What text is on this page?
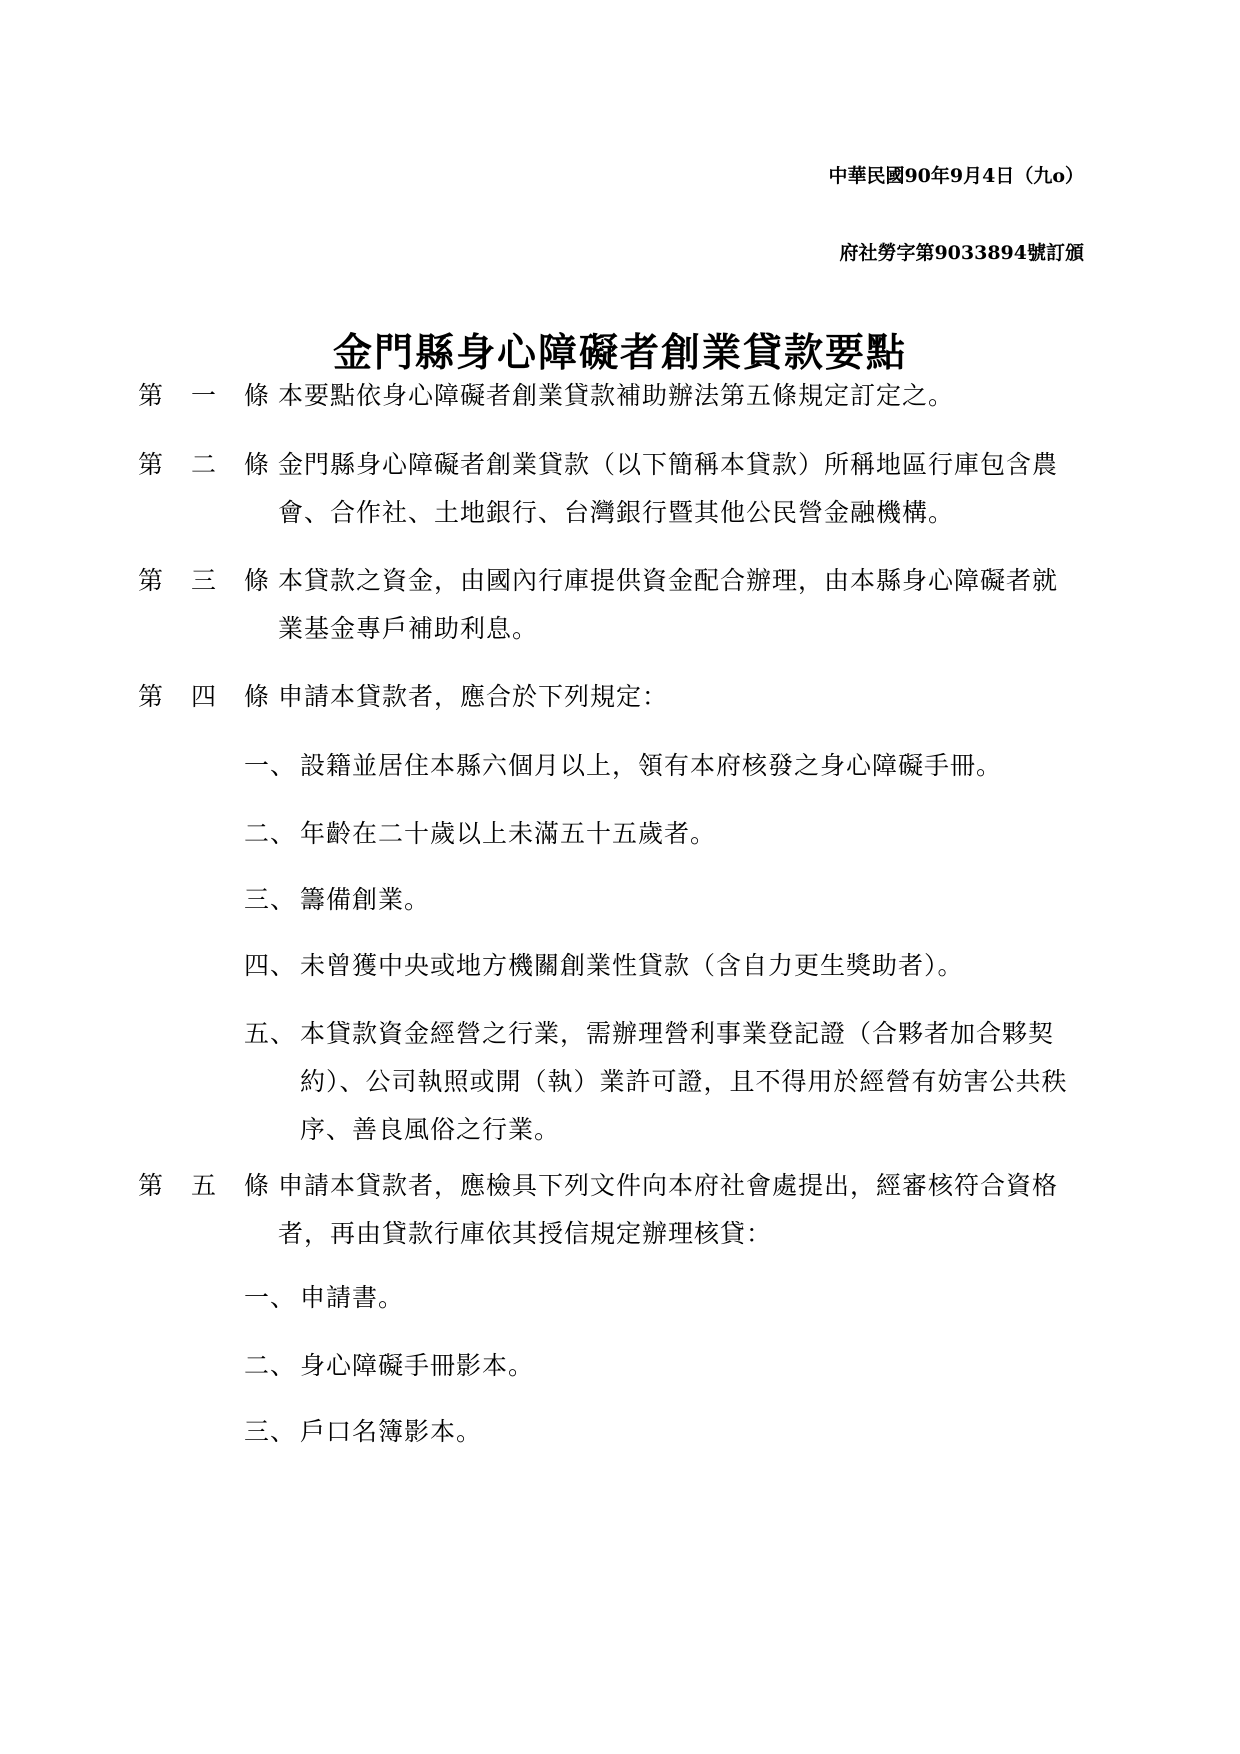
中華民國90年9月4日（九o）
府社勞字第9033894號訂頒
金門縣身心障礙者創業貸款要點
第 一 條 本要點依身心障礙者創業貸款補助辦法第五條規定訂定之。
第 二 條 金門縣身心障礙者創業貸款（以下簡稱本貸款）所稱地區行庫包含農會、合作社、土地銀行、台灣銀行暨其他公民營金融機構。
第 三 條 本貸款之資金，由國內行庫提供資金配合辦理，由本縣身心障礙者就業基金專戶補助利息。
第 四 條 申請本貸款者，應合於下列規定：
一、 設籍並居住本縣六個月以上，領有本府核發之身心障礙手冊。
二、 年齡在二十歲以上未滿五十五歲者。
三、 籌備創業。
四、 未曾獲中央或地方機關創業性貸款（含自力更生獎助者）。
五、 本貸款資金經營之行業，需辦理營利事業登記證（合夥者加合夥契約）、公司執照或開（執）業許可證，且不得用於經營有妨害公共秩序、善良風俗之行業。
第 五 條 申請本貸款者，應檢具下列文件向本府社會處提出，經審核符合資格者，再由貸款行庫依其授信規定辦理核貸：
一、 申請書。
二、 身心障礙手冊影本。
三、 戶口名簿影本。
